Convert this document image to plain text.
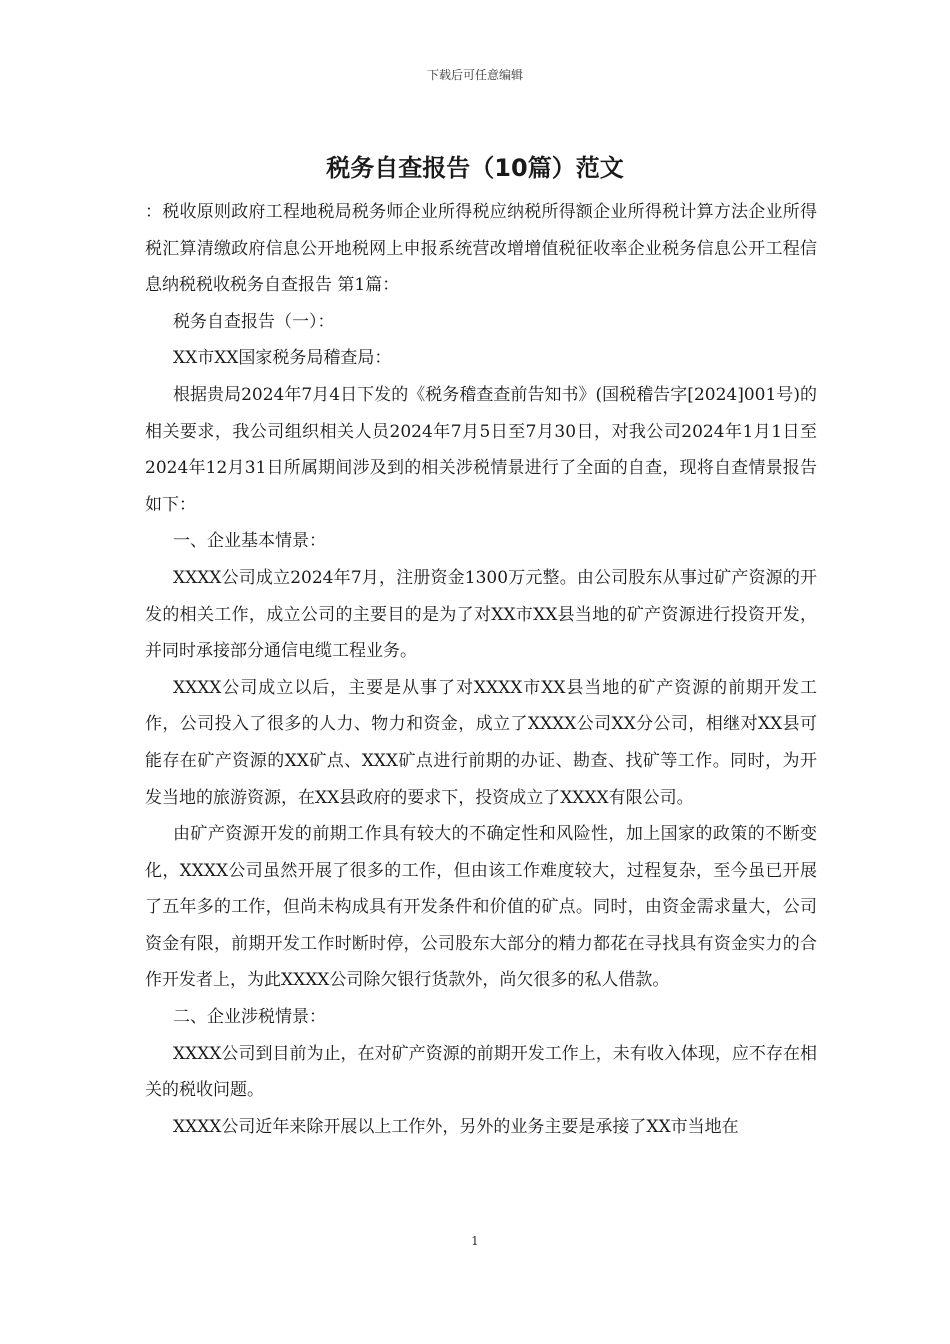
下载后可任意编辑
税务自查报告（10篇）范文

：税收原则政府工程地税局税务师企业所得税应纳税所得额企业所得税计算方法企业所得税汇算清缴政府信息公开地税网上申报系统营改增增值税征收率企业税务信息公开工程信息纳税税收税务自查报告 第1篇：

税务自查报告（一）：

XX市XX国家税务局稽查局：

根据贵局2024年7月4日下发的《税务稽查查前告知书》(国税稽告字[2024]001号)的相关要求，我公司组织相关人员2024年7月5日至7月30日，对我公司2024年1月1日至2024年12月31日所属期间涉及到的相关涉税情景进行了全面的自查，现将自查情景报告如下：

一、企业基本情景：

XXXX公司成立2024年7月，注册资金1300万元整。由公司股东从事过矿产资源的开发的相关工作，成立公司的主要目的是为了对XX市XX县当地的矿产资源进行投资开发，并同时承接部分通信电缆工程业务。

XXXX公司成立以后，主要是从事了对XXXX市XX县当地的矿产资源的前期开发工作，公司投入了很多的人力、物力和资金，成立了XXXX公司XX分公司，相继对XX县可能存在矿产资源的XX矿点、XXX矿点进行前期的办证、勘查、找矿等工作。同时，为开发当地的旅游资源，在XX县政府的要求下，投资成立了XXXX有限公司。

由矿产资源开发的前期工作具有较大的不确定性和风险性，加上国家的政策的不断变化，XXXX公司虽然开展了很多的工作，但由该工作难度较大，过程复杂，至今虽已开展了五年多的工作，但尚未构成具有开发条件和价值的矿点。同时，由资金需求量大，公司资金有限，前期开发工作时断时停，公司股东大部分的精力都花在寻找具有资金实力的合作开发者上，为此XXXX公司除欠银行货款外，尚欠很多的私人借款。

二、企业涉税情景：

XXXX公司到目前为止，在对矿产资源的前期开发工作上，未有收入体现，应不存在相关的税收问题。

XXXX公司近年来除开展以上工作外，另外的业务主要是承接了XX市当地在

1
